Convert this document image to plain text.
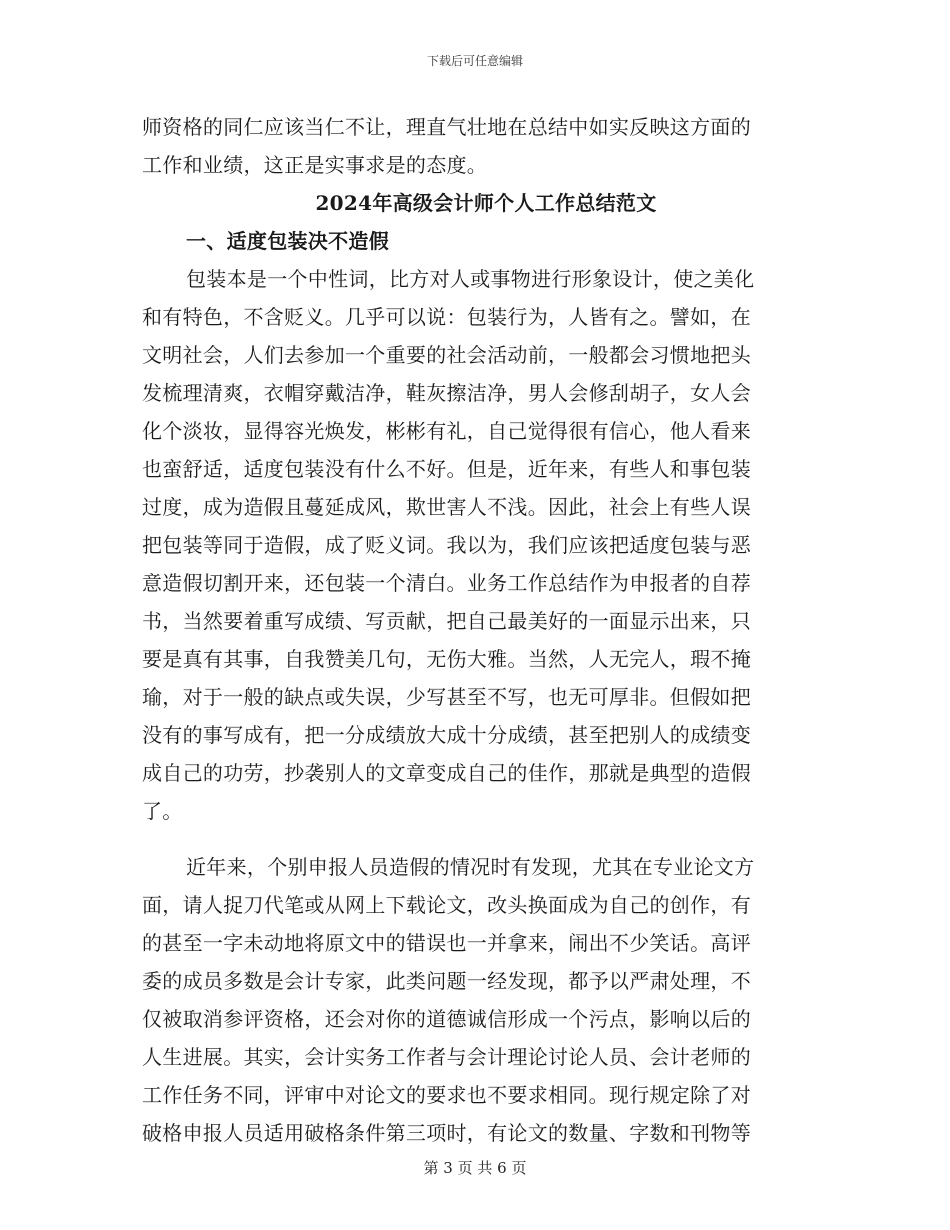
下载后可任意编辑
师资格的同仁应该当仁不让，理直气壮地在总结中如实反映这方面的
工作和业绩，这正是实事求是的态度。
2024年高级会计师个人工作总结范文
一、适度包装决不造假
包装本是一个中性词，比方对人或事物进行形象设计，使之美化
和有特色，不含贬义。几乎可以说：包装行为，人皆有之。譬如，在
文明社会，人们去参加一个重要的社会活动前，一般都会习惯地把头
发梳理清爽，衣帽穿戴洁净，鞋灰擦洁净，男人会修刮胡子，女人会
化个淡妆，显得容光焕发，彬彬有礼，自己觉得很有信心，他人看来
也蛮舒适，适度包装没有什么不好。但是，近年来，有些人和事包装
过度，成为造假且蔓延成风，欺世害人不浅。因此，社会上有些人误
把包装等同于造假，成了贬义词。我以为，我们应该把适度包装与恶
意造假切割开来，还包装一个清白。业务工作总结作为申报者的自荐
书，当然要着重写成绩、写贡献，把自己最美好的一面显示出来，只
要是真有其事，自我赞美几句，无伤大雅。当然，人无完人，瑕不掩
瑜，对于一般的缺点或失误，少写甚至不写，也无可厚非。但假如把
没有的事写成有，把一分成绩放大成十分成绩，甚至把别人的成绩变
成自己的功劳，抄袭别人的文章变成自己的佳作，那就是典型的造假
了。
近年来，个别申报人员造假的情况时有发现，尤其在专业论文方
面，请人捉刀代笔或从网上下载论文，改头换面成为自己的创作，有
的甚至一字未动地将原文中的错误也一并拿来，闹出不少笑话。高评
委的成员多数是会计专家，此类问题一经发现，都予以严肃处理，不
仅被取消参评资格，还会对你的道德诚信形成一个污点，影响以后的
人生进展。其实，会计实务工作者与会计理论讨论人员、会计老师的
工作任务不同，评审中对论文的要求也不要求相同。现行规定除了对
破格申报人员适用破格条件第三项时，有论文的数量、字数和刊物等
第 3 页 共 6 页
